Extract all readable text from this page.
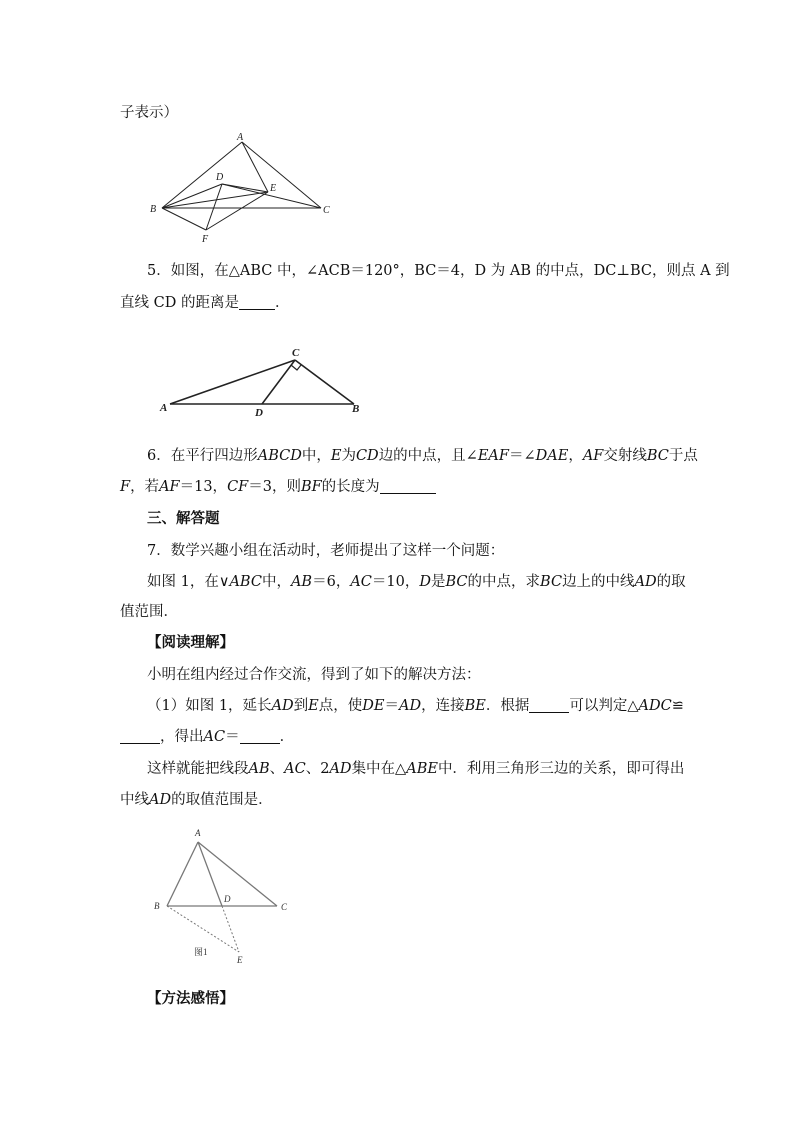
子表示）
A
D
E
B	C
F
5．如图，在△ABC 中，∠ACB＝120°，BC＝4，D 为 AB 的中点，DC⊥BC，则点 A 到
直线 CD 的距离是 ．
C
A	D	B
6．在平行四边形ABCD中，E为CD边的中点，且∠EAF＝∠DAE，AF交射线BC于点
F，若AF＝13，CF＝3，则BF的长度为
三、解答题
7．数学兴趣小组在活动时，老师提出了这样一个问题：
如图 1，在∨ABC中，AB＝6，AC＝10，D是BC的中点，求BC边上的中线AD的取
值范围．
【阅读理解】
小明在组内经过合作交流，得到了如下的解决方法：
（1）如图 1，延长AD到E点，使DE＝AD，连接BE．根据	可以判定△ADC≌
，得出AC＝	．
这样就能把线段AB、AC、2AD集中在△ABE中．利用三角形三边的关系，即可得出
中线AD的取值范围是．
A
B
D
C
E
图1
【方法感悟】
